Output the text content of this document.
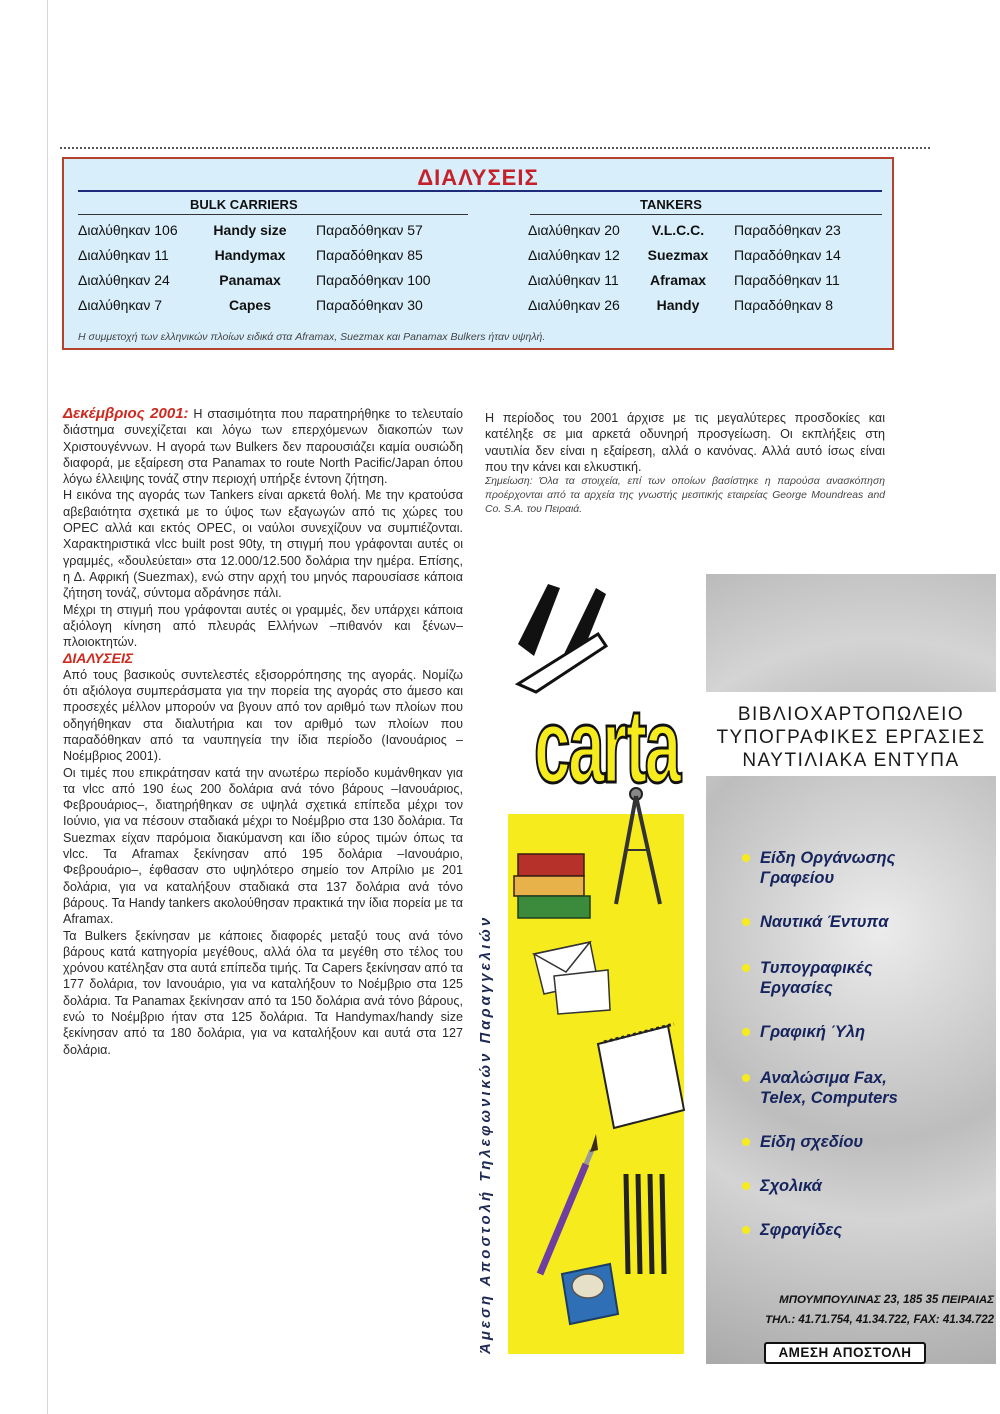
ΔΙΑΛΥΣΕΙΣ
BULK CARRIERS	TANKERS
Διαλύθηκαν 106	Handy size	Παραδόθηκαν 57
Διαλύθηκαν 11	Handymax	Παραδόθηκαν 85
Διαλύθηκαν 24	Panamax	Παραδόθηκαν 100
Διαλύθηκαν 7	Capes	Παραδόθηκαν 30
Διαλύθηκαν 20	V.L.C.C.	Παραδόθηκαν 23
Διαλύθηκαν 12	Suezmax	Παραδόθηκαν 14
Διαλύθηκαν 11	Aframax	Παραδόθηκαν 11
Διαλύθηκαν 26	Handy	Παραδόθηκαν 8
Η συμμετοχή των ελληνικών πλοίων ειδικά στα Aframax, Suezmax και Panamax Bulkers ήταν υψηλή.

Δεκέμβριος 2001: Η στασιμότητα που παρατηρήθηκε το τελευταίο διάστημα συνεχίζεται και λόγω των επερχόμενων διακοπών των Χριστουγέννων. Η αγορά των Bulkers δεν παρουσιάζει καμία ουσιώδη διαφορά, με εξαίρεση στα Panamax το route North Pacific/Japan όπου λόγω έλλειψης τονάζ στην περιοχή υπήρξε έντονη ζήτηση.

Η εικόνα της αγοράς των Tankers είναι αρκετά θολή. Με την κρατούσα αβεβαιότητα σχετικά με το ύψος των εξαγωγών από τις χώρες του OPEC αλλά και εκτός OPEC, οι ναύλοι συνεχίζουν να συμπιέζονται. Χαρακτηριστικά vlcc built post 90ty, τη στιγμή που γράφονται αυτές οι γραμμές, «δουλεύεται» στα 12.000/12.500 δολάρια την ημέρα. Επίσης, η Δ. Αφρική (Suezmax), ενώ στην αρχή του μηνός παρουσίασε κάποια ζήτηση τονάζ, σύντομα αδράνησε πάλι.

Μέχρι τη στιγμή που γράφονται αυτές οι γραμμές, δεν υπάρχει κάποια αξιόλογη κίνηση από πλευράς Ελλήνων –πιθανόν και ξένων– πλοιοκτητών.

ΔΙΑΛΥΣΕΙΣ

Από τους βασικούς συντελεστές εξισορρόπησης της αγοράς. Νομίζω ότι αξιόλογα συμπεράσματα για την πορεία της αγοράς στο άμεσο και προσεχές μέλλον μπορούν να βγουν από τον αριθμό των πλοίων που οδηγήθηκαν στα διαλυτήρια και τον αριθμό των πλοίων που παραδόθηκαν από τα ναυπηγεία την ίδια περίοδο (Ιανουάριος – Νοέμβριος 2001).

Οι τιμές που επικράτησαν κατά την ανωτέρω περίοδο κυμάνθηκαν για τα vlcc από 190 έως 200 δολάρια ανά τόνο βάρους –Ιανουάριος, Φεβρουάριος–, διατηρήθηκαν σε υψηλά σχετικά επίπεδα μέχρι τον Ιούνιο, για να πέσουν σταδιακά μέχρι το Νοέμβριο στα 130 δολάρια. Τα Suezmax είχαν παρόμοια διακύμανση και ίδιο εύρος τιμών όπως τα vlcc. Τα Aframax ξεκίνησαν από 195 δολάρια –Ιανουάριο, Φεβρουάριο–, έφθασαν στο υψηλότερο σημείο τον Απρίλιο με 201 δολάρια, για να καταλήξουν σταδιακά στα 137 δολάρια ανά τόνο βάρους. Τα Handy tankers ακολούθησαν πρακτικά την ίδια πορεία με τα Aframax.

Τα Bulkers ξεκίνησαν με κάποιες διαφορές μεταξύ τους ανά τόνο βάρους κατά κατηγορία μεγέθους, αλλά όλα τα μεγέθη στο τέλος του χρόνου κατέληξαν στα αυτά επίπεδα τιμής. Τα Capers ξεκίνησαν από τα 177 δολάρια, τον Ιανουάριο, για να καταλήξουν το Νοέμβριο στα 125 δολάρια. Τα Panamax ξεκίνησαν από τα 150 δολάρια ανά τόνο βάρους, ενώ το Νοέμβριο ήταν στα 125 δολάρια. Τα Handymax/handy size ξεκίνησαν από τα 180 δολάρια, για να καταλήξουν και αυτά στα 127 δολάρια.

Η περίοδος του 2001 άρχισε με τις μεγαλύτερες προσδοκίες και κατέληξε σε μια αρκετά οδυνηρή προσγείωση. Οι εκπλήξεις στη ναυτιλία δεν είναι η εξαίρεση, αλλά ο κανόνας. Αλλά αυτό ίσως είναι που την κάνει και ελκυστική.

Σημείωση: Όλα τα στοιχεία, επί των οποίων βασίστηκε η παρούσα ανασκόπηση προέρχονται από τα αρχεία της γνωστής μεσιτικής εταιρείας George Moundreas and Co. S.A. του Πειραιά.

carta
Άμεση Αποστολή Τηλεφωνικών Παραγγελιών
ΒΙΒΛΙΟΧΑΡΤΟΠΩΛΕΙΟ
ΤΥΠΟΓΡΑΦΙΚΕΣ ΕΡΓΑΣΙΕΣ
ΝΑΥΤΙΛΙΑΚΑ ΕΝΤΥΠΑ
Είδη Οργάνωσης
Γραφείου
Ναυτικά Έντυπα
Τυπογραφικές
Εργασίες
Γραφική Ύλη
Αναλώσιμα Fax,
Telex, Computers
Είδη σχεδίου
Σχολικά
Σφραγίδες
ΜΠΟΥΜΠΟΥΛΙΝΑΣ 23, 185 35 ΠΕΙΡΑΙΑΣ
ΤΗΛ.: 41.71.754, 41.34.722, FAX: 41.34.722
ΑΜΕΣΗ ΑΠΟΣΤΟΛΗ
